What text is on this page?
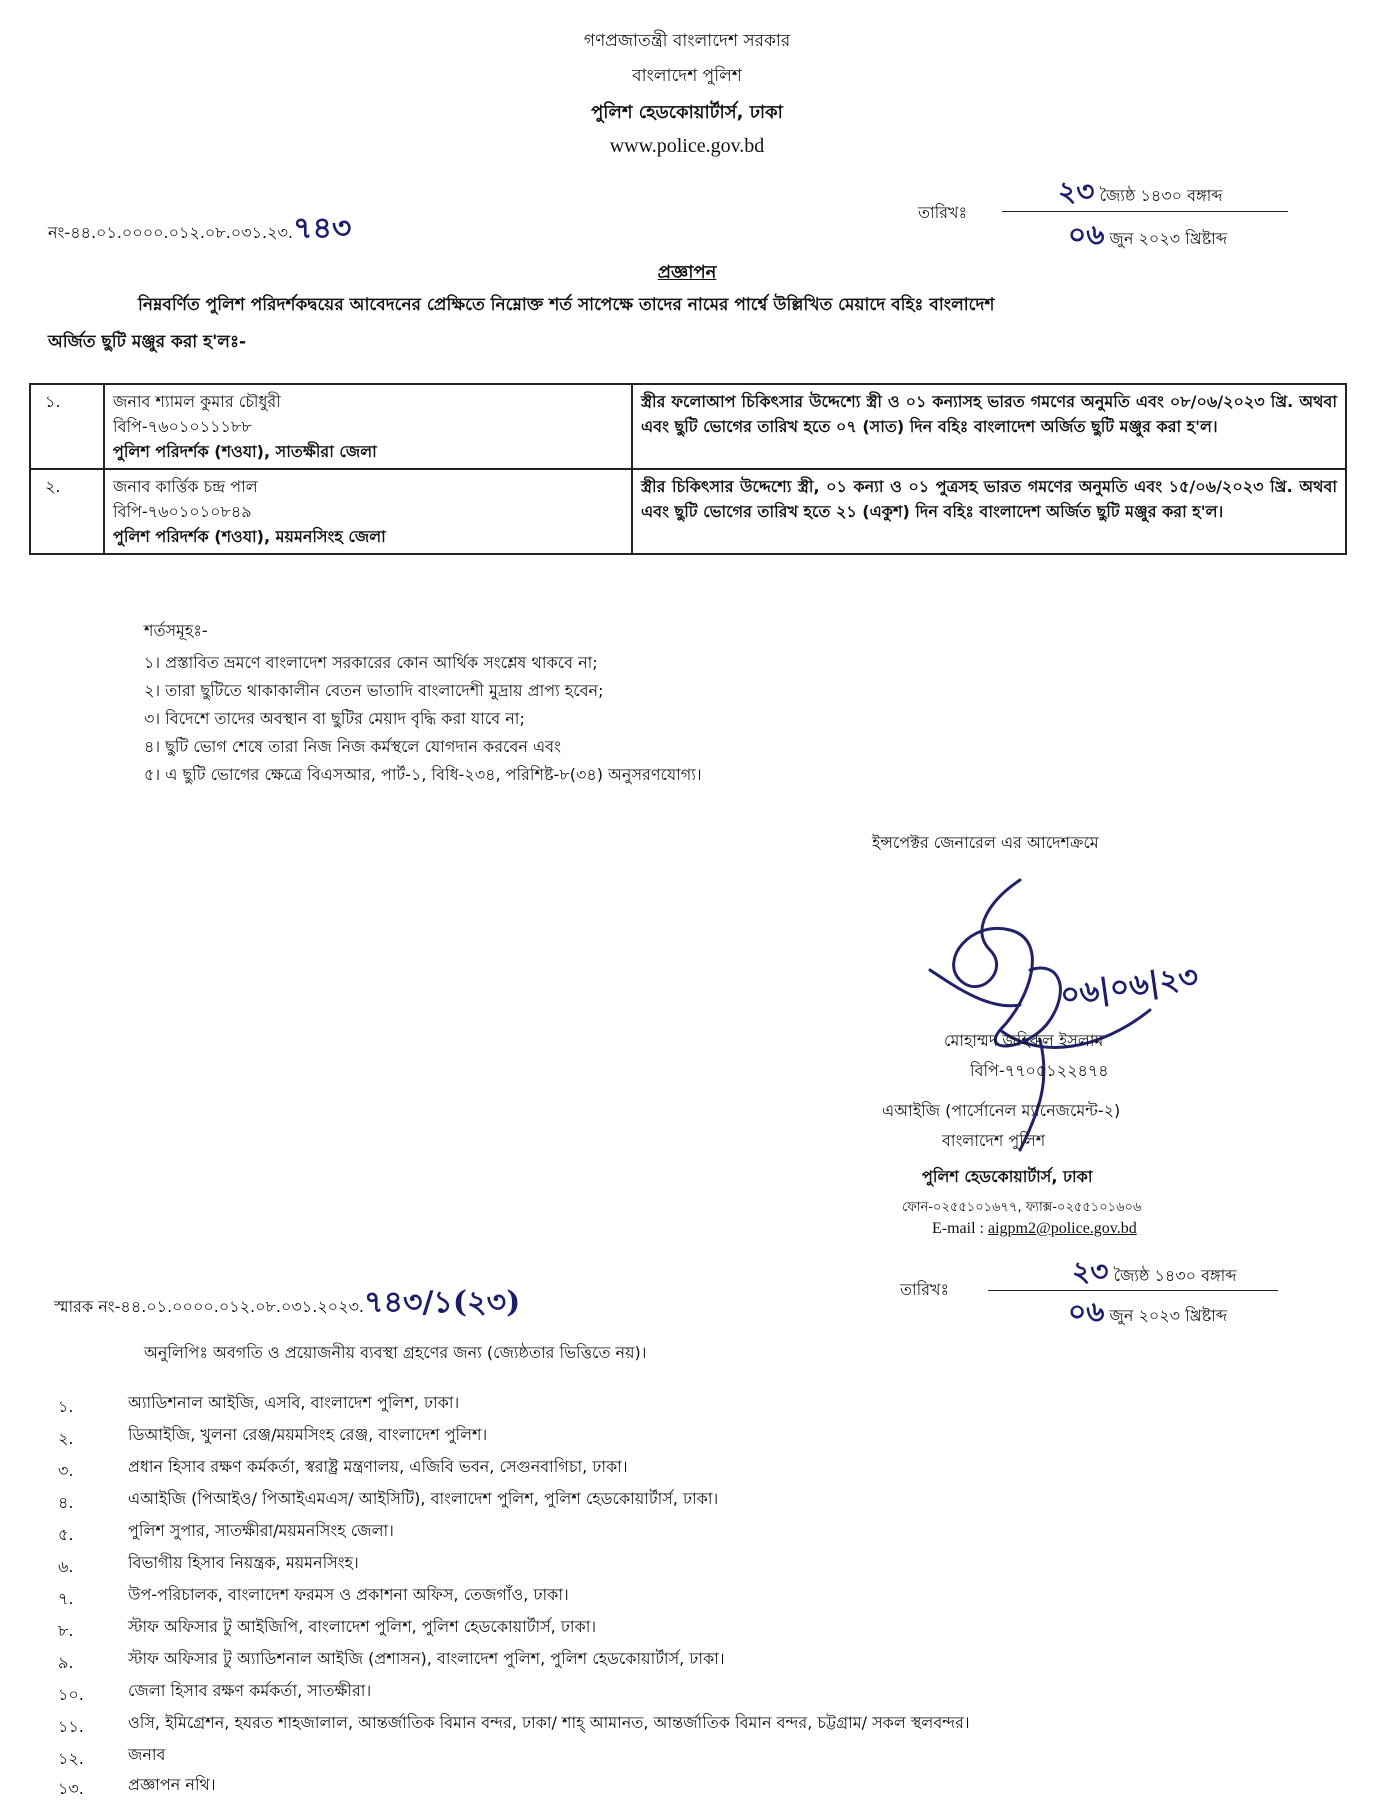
গণপ্রজাতন্ত্রী বাংলাদেশ সরকার
বাংলাদেশ পুলিশ
পুলিশ হেডকোয়ার্টার্স, ঢাকা
www.police.gov.bd
নং-৪৪.০১.০০০০.০১২.০৮.০৩১.২৩.৭৪৩	তারিখঃ
২৩ জ্যৈষ্ঠ ১৪৩০ বঙ্গাব্দ
০৬ জুন ২০২৩ খ্রিষ্টাব্দ
প্রজ্ঞাপন
নিম্নবর্ণিত পুলিশ পরিদর্শকদ্বয়ের আবেদনের প্রেক্ষিতে নিম্নোক্ত শর্ত সাপেক্ষে তাদের নামের পার্শ্বে উল্লিখিত মেয়াদে বহিঃ বাংলাদেশ
অর্জিত ছুটি মঞ্জুর করা হ'লঃ-
১.	জনাব শ্যামল কুমার চৌধুরী
বিপি-৭৬০১০১১১৮৮
পুলিশ পরিদর্শক (শওযা), সাতক্ষীরা জেলা	স্ত্রীর ফলোআপ চিকিৎসার উদ্দেশ্যে স্ত্রী ও ০১ কন্যাসহ ভারত গমণের অনুমতি এবং ০৮/০৬/২০২৩ খ্রি. অথবা এবং ছুটি ভোগের তারিখ হতে ০৭ (সাত) দিন বহিঃ বাংলাদেশ অর্জিত ছুটি মঞ্জুর করা হ'ল।
২.	জনাব কার্ত্তিক চন্দ্র পাল
বিপি-৭৬০১০১০৮৪৯
পুলিশ পরিদর্শক (শওযা), ময়মনসিংহ জেলা	স্ত্রীর চিকিৎসার উদ্দেশ্যে স্ত্রী, ০১ কন্যা ও ০১ পুত্রসহ ভারত গমণের অনুমতি এবং ১৫/০৬/২০২৩ খ্রি. অথবা এবং ছুটি ভোগের তারিখ হতে ২১ (একুশ) দিন বহিঃ বাংলাদেশ অর্জিত ছুটি মঞ্জুর করা হ'ল।
শর্তসমূহঃ-
১। প্রস্তাবিত ভ্রমণে বাংলাদেশ সরকারের কোন আর্থিক সংশ্লেষ থাকবে না;
২। তারা ছুটিতে থাকাকালীন বেতন ভাতাদি বাংলাদেশী মুদ্রায় প্রাপ্য হবেন;
৩। বিদেশে তাদের অবস্থান বা ছুটির মেয়াদ বৃদ্ধি করা যাবে না;
৪। ছুটি ভোগ শেষে তারা নিজ নিজ কর্মস্থলে যোগদান করবেন এবং
৫। এ ছুটি ভোগের ক্ষেত্রে বিএসআর, পার্ট-১, বিধি-২৩৪, পরিশিষ্ট-৮(৩৪) অনুসরণযোগ্য।
ইন্সপেক্টর জেনারেল এর আদেশক্রমে
০৬|০৬|২৩
মোহাম্মদ জহিরুল ইসলাম
বিপি-৭৭০৫১২২৪৭৪
এআইজি (পার্সোনেল ম্যানেজমেন্ট-২)
বাংলাদেশ পুলিশ
পুলিশ হেডকোয়ার্টার্স, ঢাকা
ফোন-০২৫৫১০১৬৭৭, ফ্যাক্স-০২৫৫১০১৬০৬
E-mail : aigpm2@police.gov.bd
স্মারক নং-৪৪.০১.০০০০.০১২.০৮.০৩১.২০২৩.৭৪৩/১(২৩)	তারিখঃ
২৩ জ্যৈষ্ঠ ১৪৩০ বঙ্গাব্দ
০৬ জুন ২০২৩ খ্রিষ্টাব্দ
অনুলিপিঃ অবগতি ও প্রয়োজনীয় ব্যবস্থা গ্রহণের জন্য (জ্যেষ্ঠতার ভিত্তিতে নয়)।
১.	অ্যাডিশনাল আইজি, এসবি, বাংলাদেশ পুলিশ, ঢাকা।
২.	ডিআইজি, খুলনা রেঞ্জ/ময়মসিংহ রেঞ্জ, বাংলাদেশ পুলিশ।
৩.	প্রধান হিসাব রক্ষণ কর্মকর্তা, স্বরাষ্ট্র মন্ত্রণালয়, এজিবি ভবন, সেগুনবাগিচা, ঢাকা।
৪.	এআইজি (পিআইও/ পিআইএমএস/ আইসিটি), বাংলাদেশ পুলিশ, পুলিশ হেডকোয়ার্টার্স, ঢাকা।
৫.	পুলিশ সুপার, সাতক্ষীরা/ময়মনসিংহ জেলা।
৬.	বিভাগীয় হিসাব নিয়ন্ত্রক, ময়মনসিংহ।
৭.	উপ-পরিচালক, বাংলাদেশ ফরমস ও প্রকাশনা অফিস, তেজগাঁও, ঢাকা।
৮.	স্টাফ অফিসার টু আইজিপি, বাংলাদেশ পুলিশ, পুলিশ হেডকোয়ার্টার্স, ঢাকা।
৯.	স্টাফ অফিসার টু অ্যাডিশনাল আইজি (প্রশাসন), বাংলাদেশ পুলিশ, পুলিশ হেডকোয়ার্টার্স, ঢাকা।
১০.	জেলা হিসাব রক্ষণ কর্মকর্তা, সাতক্ষীরা।
১১.	ওসি, ইমিগ্রেশন, হযরত শাহজালাল, আন্তর্জাতিক বিমান বন্দর, ঢাকা/ শাহ্ আমানত, আন্তর্জাতিক বিমান বন্দর, চট্টগ্রাম/ সকল স্থলবন্দর।
১২.	জনাব
১৩.	প্রজ্ঞাপন নথি।
